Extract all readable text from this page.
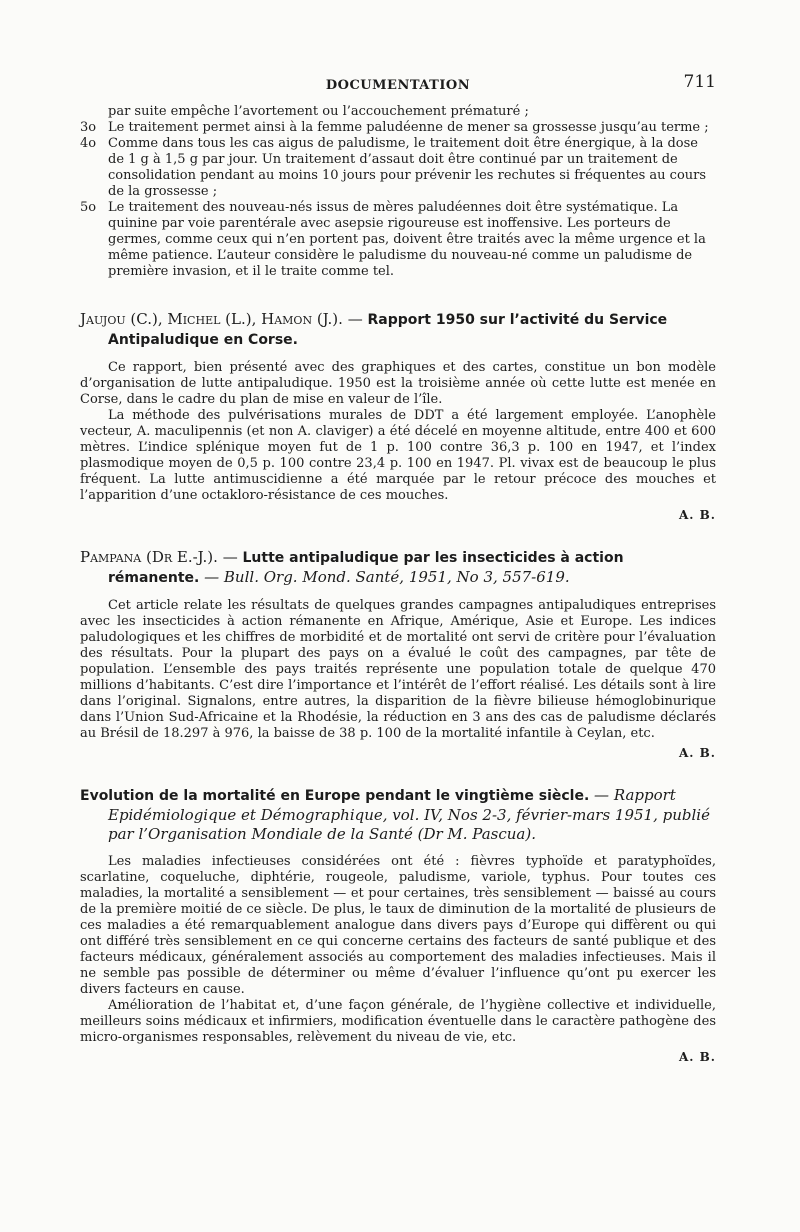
DOCUMENTATION	711

par suite empêche l’avortement ou l’accouchement prématuré ;

3o Le traitement permet ainsi à la femme paludéenne de mener sa grossesse jusqu’au terme ;

4o Comme dans tous les cas aigus de paludisme, le traitement doit être énergique, à la dose de 1 g à 1,5 g par jour. Un traitement d’assaut doit être continué par un traitement de consolidation pendant au moins 10 jours pour prévenir les rechutes si fréquentes au cours de la grossesse ;

5o Le traitement des nouveau-nés issus de mères paludéennes doit être systématique. La quinine par voie parentérale avec asepsie rigoureuse est inoffensive. Les porteurs de germes, comme ceux qui n’en portent pas, doivent être traités avec la même urgence et la même patience. L’auteur considère le paludisme du nouveau-né comme un paludisme de première invasion, et il le traite comme tel.

Jaujou (C.), Michel (L.), Hamon (J.). — Rapport 1950 sur l’activité du Service Antipaludique en Corse.

Ce rapport, bien présenté avec des graphiques et des cartes, constitue un bon modèle d’organisation de lutte antipaludique. 1950 est la troisième année où cette lutte est menée en Corse, dans le cadre du plan de mise en valeur de l’île.

La méthode des pulvérisations murales de DDT a été largement employée. L’anophèle vecteur, A. maculipennis (et non A. claviger) a été décelé en moyenne altitude, entre 400 et 600 mètres. L’indice splénique moyen fut de 1 p. 100 contre 36,3 p. 100 en 1947, et l’index plasmodique moyen de 0,5 p. 100 contre 23,4 p. 100 en 1947. Pl. vivax est de beaucoup le plus fréquent. La lutte antimuscidienne a été marquée par le retour précoce des mouches et l’apparition d’une octakloro-résistance de ces mouches.

A. B.

Pampana (Dr E.-J.). — Lutte antipaludique par les insecticides à action rémanente. — Bull. Org. Mond. Santé, 1951, No 3, 557-619.

Cet article relate les résultats de quelques grandes campagnes antipaludiques entreprises avec les insecticides à action rémanente en Afrique, Amérique, Asie et Europe. Les indices paludologiques et les chiffres de morbidité et de mortalité ont servi de critère pour l’évaluation des résultats. Pour la plupart des pays on a évalué le coût des campagnes, par tête de population. L’ensemble des pays traités représente une population totale de quelque 470 millions d’habitants. C’est dire l’importance et l’intérêt de l’effort réalisé. Les détails sont à lire dans l’original. Signalons, entre autres, la disparition de la fièvre bilieuse hémoglobinurique dans l’Union Sud-Africaine et la Rhodésie, la réduction en 3 ans des cas de paludisme déclarés au Brésil de 18.297 à 976, la baisse de 38 p. 100 de la mortalité infantile à Ceylan, etc.

A. B.

Evolution de la mortalité en Europe pendant le vingtième siècle. — Rapport Epidémiologique et Démographique, vol. IV, Nos 2-3, février-mars 1951, publié par l’Organisation Mondiale de la Santé (Dr M. Pascua).

Les maladies infectieuses considérées ont été : fièvres typhoïde et paratyphoïdes, scarlatine, coqueluche, diphtérie, rougeole, paludisme, variole, typhus. Pour toutes ces maladies, la mortalité a sensiblement — et pour certaines, très sensiblement — baissé au cours de la première moitié de ce siècle. De plus, le taux de diminution de la mortalité de plusieurs de ces maladies a été remarquablement analogue dans divers pays d’Europe qui diffèrent ou qui ont différé très sensiblement en ce qui concerne certains des facteurs de santé publique et des facteurs médicaux, généralement associés au comportement des maladies infectieuses. Mais il ne semble pas possible de déterminer ou même d’évaluer l’influence qu’ont pu exercer les divers facteurs en cause.

Amélioration de l’habitat et, d’une façon générale, de l’hygiène collective et individuelle, meilleurs soins médicaux et infirmiers, modification éventuelle dans le caractère pathogène des micro-organismes responsables, relèvement du niveau de vie, etc.

A. B.
